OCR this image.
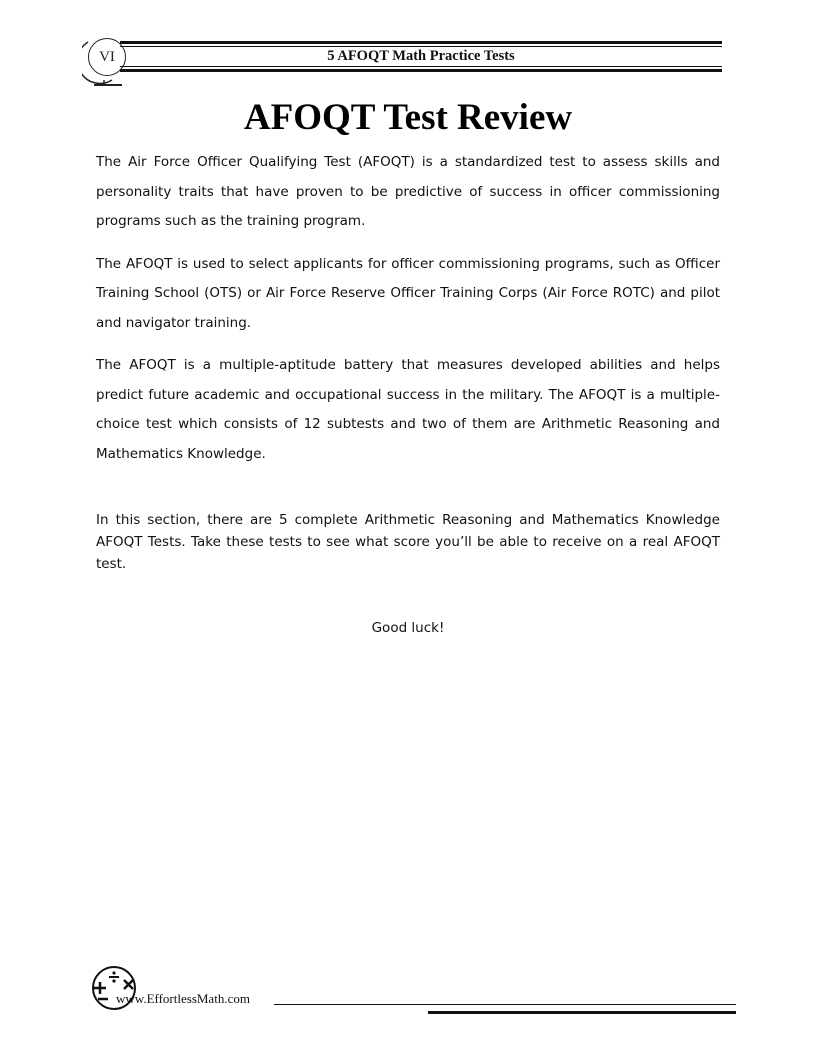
VI	5 AFOQT Math Practice Tests
AFOQT Test Review

The Air Force Officer Qualifying Test (AFOQT) is a standardized test to assess skills and personality traits that have proven to be predictive of success in officer commissioning programs such as the training program.

The AFOQT is used to select applicants for officer commissioning programs, such as Officer Training School (OTS) or Air Force Reserve Officer Training Corps (Air Force ROTC) and pilot and navigator training.

The AFOQT is a multiple-aptitude battery that measures developed abilities and helps predict future academic and occupational success in the military. The AFOQT is a multiple-choice test which consists of 12 subtests and two of them are Arithmetic Reasoning and Mathematics Knowledge.

In this section, there are 5 complete Arithmetic Reasoning and Mathematics Knowledge AFOQT Tests. Take these tests to see what score you’ll be able to receive on a real AFOQT test.

Good luck!
www.EffortlessMath.com
